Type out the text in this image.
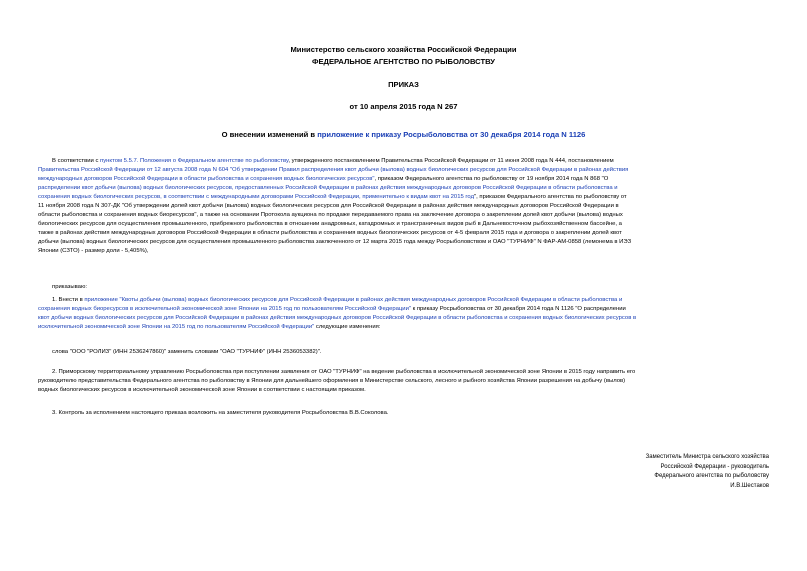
Министерство сельского хозяйства Российской Федерации
ФЕДЕРАЛЬНОЕ АГЕНТСТВО ПО РЫБОЛОВСТВУ
ПРИКАЗ
от 10 апреля 2015 года N 267
О внесении изменений в приложение к приказу Росрыболовства от 30 декабря 2014 года N 1126
В соответствии с пунктом 5.5.7. Положения о Федеральном агентстве по рыболовству, утвержденного постановлением Правительства Российской Федерации от 11 июня 2008 года N 444, постановлением
Правительства Российской Федерации от 12 августа 2008 года N 604 "Об утверждении Правил распределения квот добычи (вылова) водных биологических ресурсов для Российской Федерации в районах действия
международных договоров Российской Федерации в области рыболовства и сохранения водных биологических ресурсов", приказом Федерального агентства по рыболовству от 19 ноября 2014 года N 868 "О
распределении квот добычи (вылова) водных биологических ресурсов, предоставленных Российской Федерации в районах действия международных договоров Российской Федерации в области рыболовства и
сохранения водных биологических ресурсов, в соответствии с международными договорами Российской Федерации, применительно к видам квот на 2015 год", приказом Федерального агентства по рыболовству от
11 ноября 2008 года N 307-ДК "Об утверждении долей квот добычи (вылова) водных биологических ресурсов для Российской Федерации в районах действия международных договоров Российской Федерации в
области рыболовства и сохранения водных биоресурсов", а также на основании Протокола аукциона по продаже передаваемого права на заключение договора о закреплении долей квот добычи (вылова) водных
биологических ресурсов для осуществления промышленного, прибрежного рыболовства в отношении анадромных, катадромных и трансграничных видов рыб в Дальневосточном рыбохозяйственном бассейне, а
также в районах действия международных договоров Российской Федерации в области рыболовства и сохранения водных биологических ресурсов от 4-5 февраля 2015 года и договора о закреплении долей квот
добычи (вылова) водных биологических ресурсов для осуществления промышленного рыболовства заключенного от 12 марта 2015 года между Росрыболовством и ОАО "ТУРНИФ" N ФАР-АМ-0858 (лемонема в ИЭЗ
Японии (СЗТО) - размер доли - 5,405%),
приказываю:
1. Внести в приложение "Квоты добычи (вылова) водных биологических ресурсов для Российской Федерации в районах действия международных договоров Российской Федерации в области рыболовства и
сохранения водных биоресурсов в исключительной экономической зоне Японии на 2015 год по пользователям Российской Федерации" к приказу Росрыболовства от 30 декабря 2014 года N 1126 "О распределении
квот добычи водных биологических ресурсов для Российской Федерации в районах действия международных договоров Российской Федерации в области рыболовства и сохранения водных биологических ресурсов в
исключительной экономической зоне Японии на 2015 год по пользователям Российской Федерации" следующие изменения:
слова "ООО "РОЛИЗ" (ИНН 2536247860)" заменить словами "ОАО "ТУРНИФ" (ИНН 2536053382)".
2. Приморскому территориальному управлению Росрыболовства при поступлении заявления от ОАО "ТУРНИФ" на ведение рыболовства в исключительной экономической зоне Японии в 2015 году направить его
руководителю представительства Федерального агентства по рыболовству в Японии для дальнейшего оформления в Министерстве сельского, лесного и рыбного хозяйства Японии разрешения на добычу (вылов)
водных биологических ресурсов в исключительной экономической зоне Японии в соответствии с настоящим приказом.
3. Контроль за исполнением настоящего приказа возложить на заместителя руководителя Росрыболовства В.В.Соколова.
Заместитель Министра сельского хозяйства
Российской Федерации - руководитель
Федерального агентства по рыболовству
И.В.Шестаков
